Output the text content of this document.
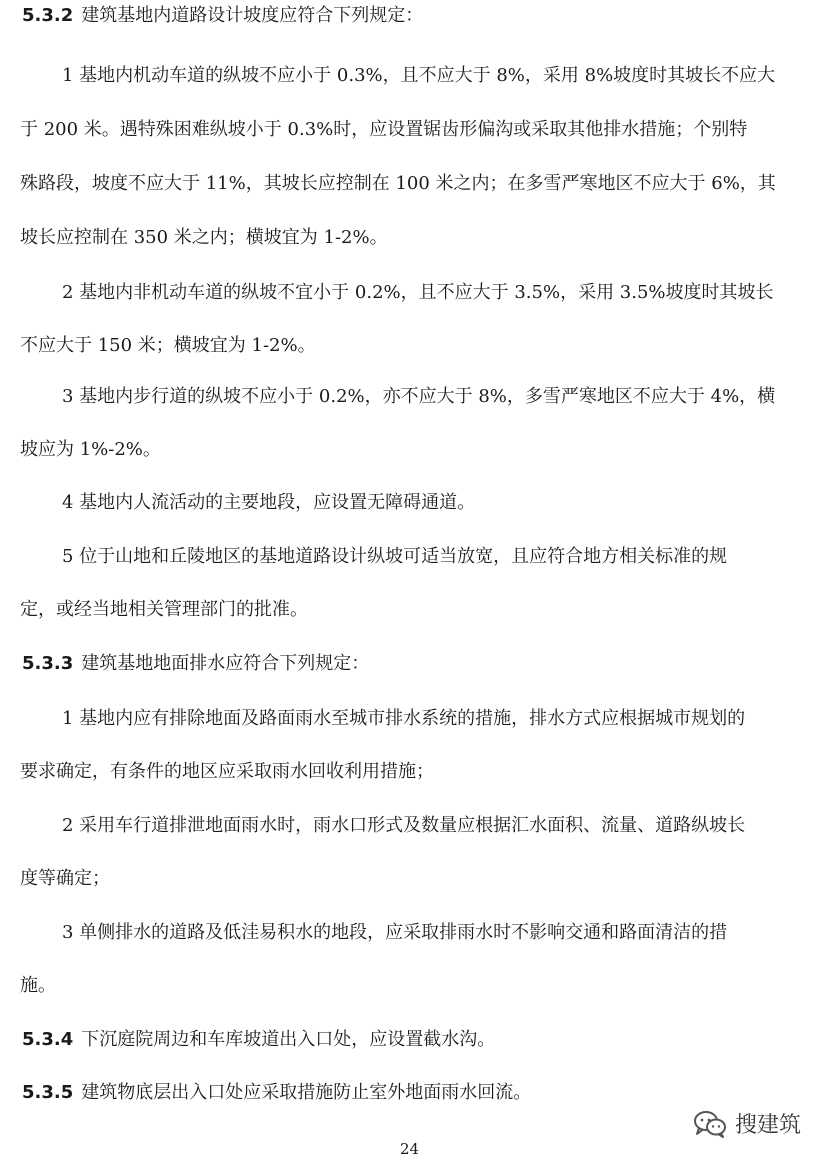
5.3.2 建筑基地内道路设计坡度应符合下列规定：
1 基地内机动车道的纵坡不应小于 0.3%，且不应大于 8%，采用 8%坡度时其坡长不应大
于 200 米。遇特殊困难纵坡小于 0.3%时，应设置锯齿形偏沟或采取其他排水措施；个别特
殊路段，坡度不应大于 11%，其坡长应控制在 100 米之内；在多雪严寒地区不应大于 6%，其
坡长应控制在 350 米之内；横坡宜为 1-2%。
2 基地内非机动车道的纵坡不宜小于 0.2%，且不应大于 3.5%，采用 3.5%坡度时其坡长
不应大于 150 米；横坡宜为 1-2%。
3 基地内步行道的纵坡不应小于 0.2%，亦不应大于 8%，多雪严寒地区不应大于 4%，横
坡应为 1%-2%。
4 基地内人流活动的主要地段，应设置无障碍通道。
5 位于山地和丘陵地区的基地道路设计纵坡可适当放宽，且应符合地方相关标准的规
定，或经当地相关管理部门的批准。
5.3.3 建筑基地地面排水应符合下列规定：
1 基地内应有排除地面及路面雨水至城市排水系统的措施，排水方式应根据城市规划的
要求确定，有条件的地区应采取雨水回收利用措施；
2 采用车行道排泄地面雨水时，雨水口形式及数量应根据汇水面积、流量、道路纵坡长
度等确定；
3 单侧排水的道路及低洼易积水的地段，应采取排雨水时不影响交通和路面清洁的措
施。
5.3.4 下沉庭院周边和车库坡道出入口处，应设置截水沟。
5.3.5 建筑物底层出入口处应采取措施防止室外地面雨水回流。
搜建筑
24
